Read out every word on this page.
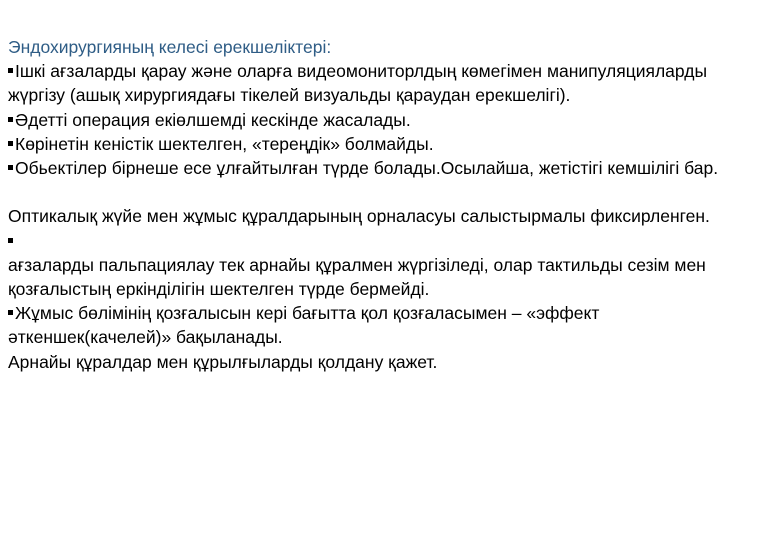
Эндохирургияның келесі ерекшеліктері:

Ішкі ағзаларды қарау және оларға видеомониторлдың көмегімен манипуляцияларды жүргізу (ашық хирургиядағы тікелей визуальды қараудан ерекшелігі).

Әдетті операция екіөлшемді кескінде жасалады.

Көрінетін кеністік шектелген, «тереңдік» болмайды.

Обьектілер бірнеше есе ұлғайтылған түрде болады.Осылайша, жетістігі кемшілігі бар.

Оптикалық жүйе мен жұмыс құралдарының орналасуы салыстырмалы фиксирленген.

ағзаларды пальпациялау тек арнайы құралмен жүргізіледі, олар тактильды сезім мен қозғалыстың еркінділігін шектелген түрде бермейді.

Жұмыс бөлімінің қозғалысын кері бағытта қол қозғаласымен – «эффект әткеншек(качелей)» бақыланады.

Арнайы құралдар мен құрылғыларды қолдану қажет.
